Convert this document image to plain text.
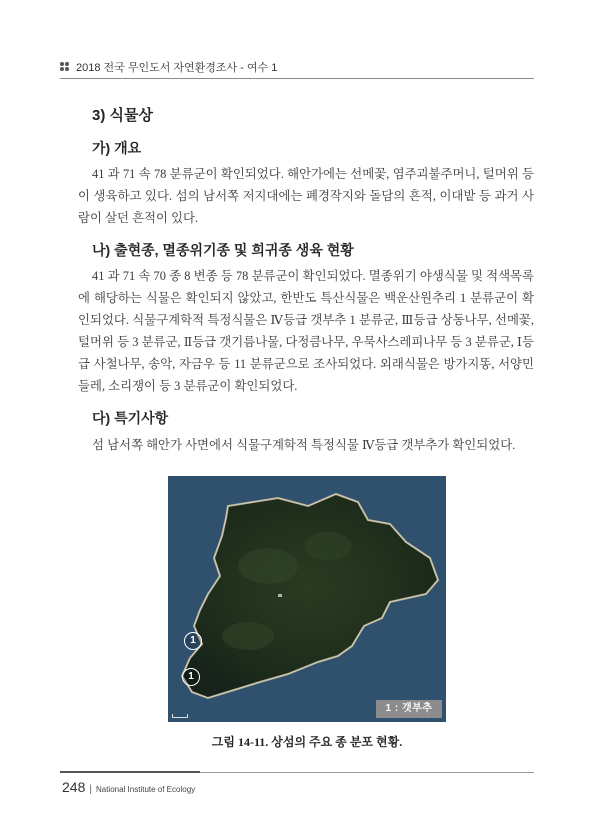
2018 전국 무인도서 자연환경조사 - 여수 1
3) 식물상
가) 개요
41 과 71 속 78 분류군이 확인되었다. 해안가에는 선메꽃, 염주괴불주머니, 털머위 등이 생육하고 있다. 섬의 남서쪽 저지대에는 폐경작지와 돌담의 흔적, 이대밭 등 과거 사람이 살던 흔적이 있다.
나) 출현종, 멸종위기종 및 희귀종 생육 현황
41 과 71 속 70 종 8 변종 등 78 분류군이 확인되었다. 멸종위기 야생식물 및 적색목록에 해당하는 식물은 확인되지 않았고, 한반도 특산식물은 백운산원추리 1 분류군이 확인되었다. 식물구계학적 특정식물은 Ⅳ등급 갯부추 1 분류군, Ⅲ등급 상동나무, 선메꽃, 털머위 등 3 분류군, Ⅱ등급 갯기름나물, 다정큼나무, 우묵사스레피나무 등 3 분류군, Ⅰ등급 사철나무, 송악, 자금우 등 11 분류군으로 조사되었다. 외래식물은 방가지똥, 서양민들레, 소리쟁이 등 3 분류군이 확인되었다.
다) 특기사항
섬 남서쪽 해안가 사면에서 식물구계학적 특정식물 Ⅳ등급 갯부추가 확인되었다.
1
1
1 : 갯부추
그림 14-11. 상섬의 주요 종 분포 현황.
248 | National Institute of Ecology
